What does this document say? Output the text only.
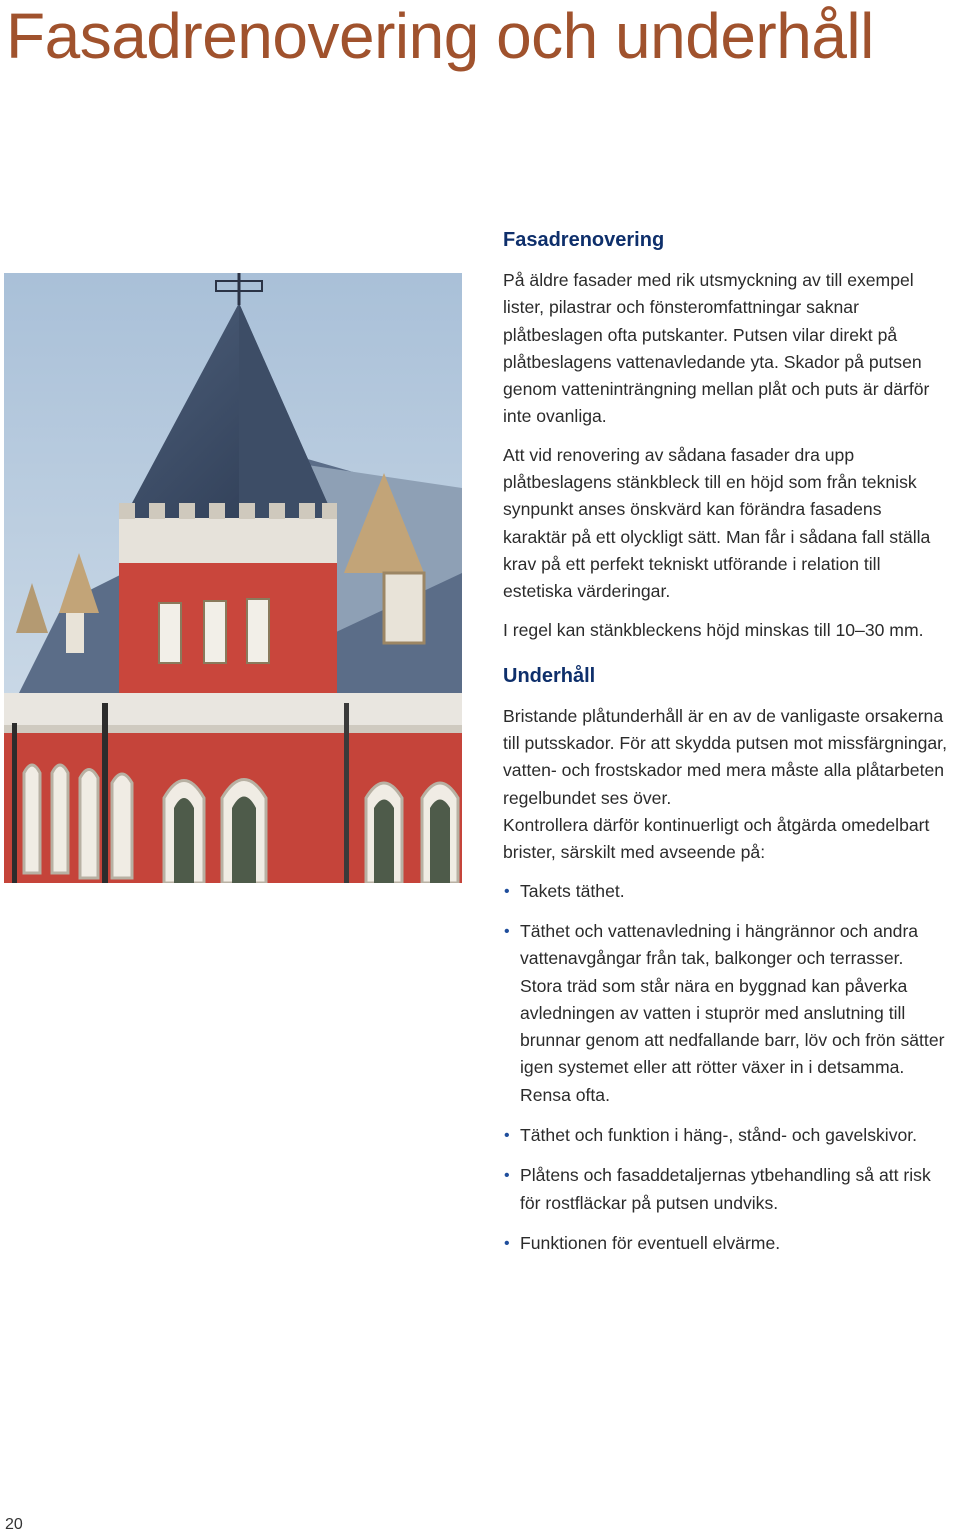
Fasadrenovering och underhåll
Fasadrenovering

På äldre fasader med rik utsmyckning av till exempel lister, pilastrar och fönsteromfattningar saknar plåtbeslagen ofta putskanter. Putsen vilar direkt på plåtbeslagens vattenavledande yta. Skador på putsen genom vatteninträngning mellan plåt och puts är därför inte ovanliga.

Att vid renovering av sådana fasader dra upp plåtbeslagens stänkbleck till en höjd som från teknisk synpunkt anses önskvärd kan förändra fasadens karaktär på ett olyckligt sätt. Man får i sådana fall ställa krav på ett perfekt tekniskt utförande i relation till estetiska värderingar.

I regel kan stänkbleckens höjd minskas till 10–30 mm.

Underhåll

Bristande plåtunderhåll är en av de vanligaste orsakerna till putsskador. För att skydda putsen mot missfärgningar, vatten- och frostskador med mera måste alla plåtarbeten regelbundet ses över.

Kontrollera därför kontinuerligt och åtgärda omedelbart brister, särskilt med avseende på:

• Takets täthet.
• Täthet och vattenavledning i hängrännor och andra vattenavgångar från tak, balkonger och terrasser. Stora träd som står nära en byggnad kan påverka avledningen av vatten i stuprör med anslutning till brunnar genom att nedfallande barr, löv och frön sätter igen systemet eller att rötter växer in i detsamma. Rensa ofta.
• Täthet och funktion i häng-, stånd- och gavelskivor.
• Plåtens och fasaddetaljernas ytbehandling så att risk för rostfläckar på putsen undviks.
• Funktionen för eventuell elvärme.
20
